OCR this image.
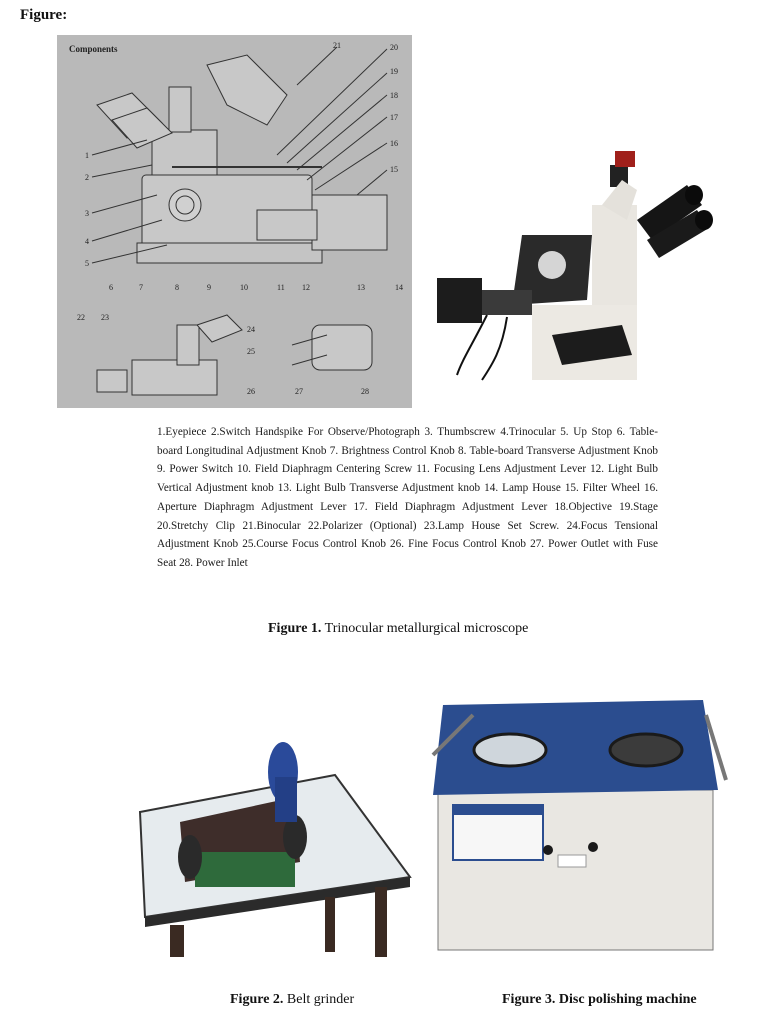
Figure:
Components
1
2
3
4
5
6	7	8	9	10	11 12	13	14
15
16
17
18
19
20
21
22 23
24
25
26	27	28
1.Eyepiece 2.Switch Handspike For Observe/Photograph 3. Thumbscrew 4.Trinocular 5. Up Stop 6. Table-board Longitudinal Adjustment Knob 7. Brightness Control Knob 8. Table-board Transverse Adjustment Knob 9. Power Switch 10. Field Diaphragm Centering Screw 11. Focusing Lens Adjustment Lever 12. Light Bulb Vertical Adjustment knob 13. Light Bulb Transverse Adjustment knob 14. Lamp House 15. Filter Wheel 16. Aperture Diaphragm Adjustment Lever 17. Field Diaphragm Adjustment Lever 18.Objective 19.Stage 20.Stretchy Clip 21.Binocular 22.Polarizer (Optional) 23.Lamp House Set Screw. 24.Focus Tensional Adjustment Knob 25.Course Focus Control Knob 26. Fine Focus Control Knob 27. Power Outlet with Fuse Seat 28. Power Inlet
Figure 1. Trinocular metallurgical microscope
Figure 2. Belt grinder	Figure 3. Disc polishing machine
